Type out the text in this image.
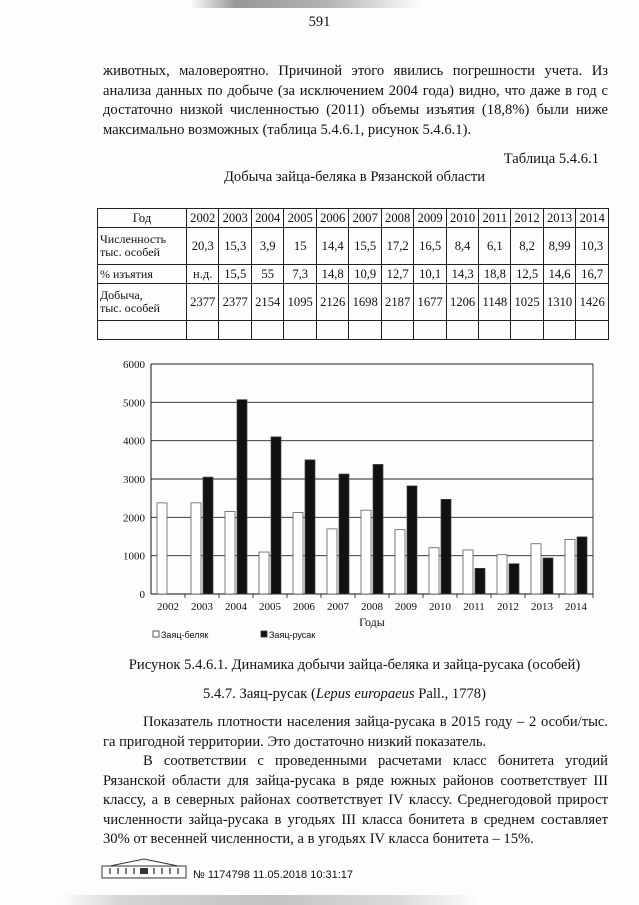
591
животных, маловероятно. Причиной этого явились погрешности учета. Из анализа данных по добыче (за исключением 2004 года) видно, что даже в год с достаточно низкой численностью (2011) объемы изъятия (18,8%) были ниже максимально возможных (таблица 5.4.6.1, рисунок 5.4.6.1).
Таблица 5.4.6.1
Добыча зайца-беляка в Рязанской области
Год	2002	2003	2004	2005	2006	2007	2008	2009	2010	2011	2012	2013	2014
Численность
тыс. особей	20,3	15,3	3,9	15	14,4	15,5	17,2	16,5	8,4	6,1	8,2	8,99	10,3
% изъятия	н.д.	15,5	55	7,3	14,8	10,9	12,7	10,1	14,3	18,8	12,5	14,6	16,7
Добыча,
тыс. особей	2377	2377	2154	1095	2126	1698	2187	1677	1206	1148	1025	1310	1426

0
1000
2000
3000
4000
5000
6000
2002 2003 2004 2005 2006 2007 2008 2009 2010 2011 2012 2013 2014
Годы
Заяц-беляк	Заяц-русак
Рисунок 5.4.6.1. Динамика добычи зайца-беляка и зайца-русака (особей)
5.4.7. Заяц-русак (Lepus europaeus Pall., 1778)
Показатель плотности населения зайца-русака в 2015 году – 2 особи/тыс. га пригодной территории. Это достаточно низкий показатель.
В соответствии с проведенными расчетами класс бонитета угодий Рязанской области для зайца-русака в ряде южных районов соответствует III классу, а в северных районах соответствует IV классу. Среднегодовой прирост численности зайца-русака в угодьях III класса бонитета в среднем составляет 30% от весенней численности, а в угодьях IV класса бонитета – 15%.
№ 1174798 11.05.2018 10:31:17
